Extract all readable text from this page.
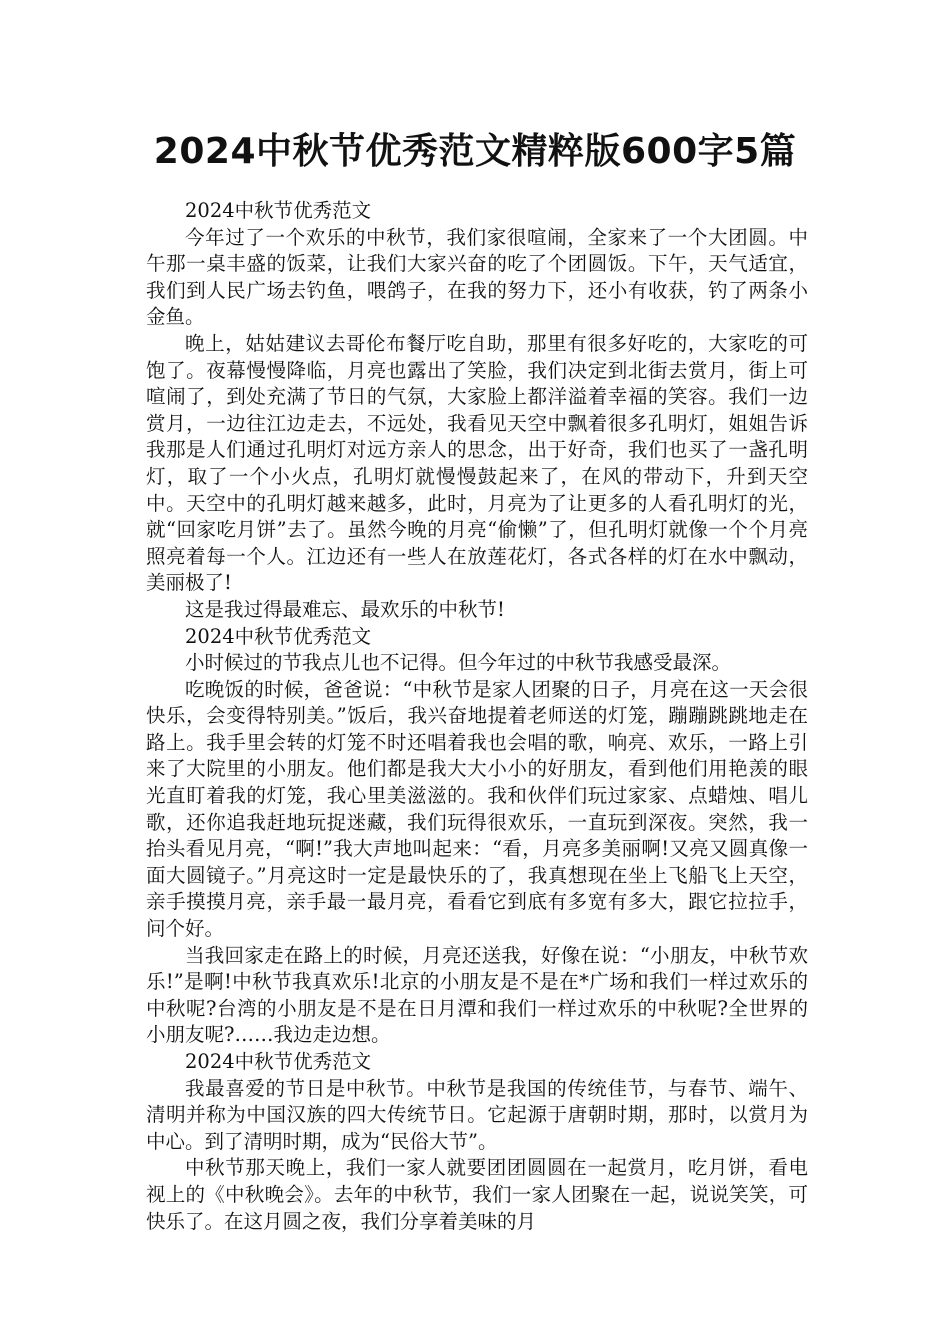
2024中秋节优秀范文精粹版600字5篇

2024中秋节优秀范文

今年过了一个欢乐的中秋节，我们家很喧闹，全家来了一个大团圆。中午那一桌丰盛的饭菜，让我们大家兴奋的吃了个团圆饭。下午，天气适宜，我们到人民广场去钓鱼，喂鸽子，在我的努力下，还小有收获，钓了两条小金鱼。

晚上，姑姑建议去哥伦布餐厅吃自助，那里有很多好吃的，大家吃的可饱了。夜幕慢慢降临，月亮也露出了笑脸，我们决定到北街去赏月，街上可喧闹了，到处充满了节日的气氛，大家脸上都洋溢着幸福的笑容。我们一边赏月，一边往江边走去，不远处，我看见天空中飘着很多孔明灯，姐姐告诉我那是人们通过孔明灯对远方亲人的思念，出于好奇，我们也买了一盏孔明灯，取了一个小火点，孔明灯就慢慢鼓起来了，在风的带动下，升到天空中。天空中的孔明灯越来越多，此时，月亮为了让更多的人看孔明灯的光，就“回家吃月饼”去了。虽然今晚的月亮“偷懒”了，但孔明灯就像一个个月亮照亮着每一个人。江边还有一些人在放莲花灯，各式各样的灯在水中飘动，美丽极了!

这是我过得最难忘、最欢乐的中秋节!

2024中秋节优秀范文

小时候过的节我点儿也不记得。但今年过的中秋节我感受最深。

吃晚饭的时候，爸爸说：“中秋节是家人团聚的日子，月亮在这一天会很快乐，会变得特别美。”饭后，我兴奋地提着老师送的灯笼，蹦蹦跳跳地走在路上。我手里会转的灯笼不时还唱着我也会唱的歌，响亮、欢乐，一路上引来了大院里的小朋友。他们都是我大大小小的好朋友，看到他们用艳羡的眼光直盯着我的灯笼，我心里美滋滋的。我和伙伴们玩过家家、点蜡烛、唱儿歌，还你追我赶地玩捉迷藏，我们玩得很欢乐，一直玩到深夜。突然，我一抬头看见月亮，“啊!”我大声地叫起来：“看，月亮多美丽啊!又亮又圆真像一面大圆镜子。”月亮这时一定是最快乐的了，我真想现在坐上飞船飞上天空，亲手摸摸月亮，亲手最一最月亮，看看它到底有多宽有多大，跟它拉拉手，问个好。

当我回家走在路上的时候，月亮还送我，好像在说：“小朋友，中秋节欢乐!”是啊!中秋节我真欢乐!北京的小朋友是不是在*广场和我们一样过欢乐的中秋呢?台湾的小朋友是不是在日月潭和我们一样过欢乐的中秋呢?全世界的小朋友呢?……我边走边想。

2024中秋节优秀范文

我最喜爱的节日是中秋节。中秋节是我国的传统佳节，与春节、端午、清明并称为中国汉族的四大传统节日。它起源于唐朝时期，那时，以赏月为中心。到了清明时期，成为“民俗大节”。

中秋节那天晚上，我们一家人就要团团圆圆在一起赏月，吃月饼，看电视上的《中秋晚会》。去年的中秋节，我们一家人团聚在一起，说说笑笑，可快乐了。在这月圆之夜，我们分享着美味的月
